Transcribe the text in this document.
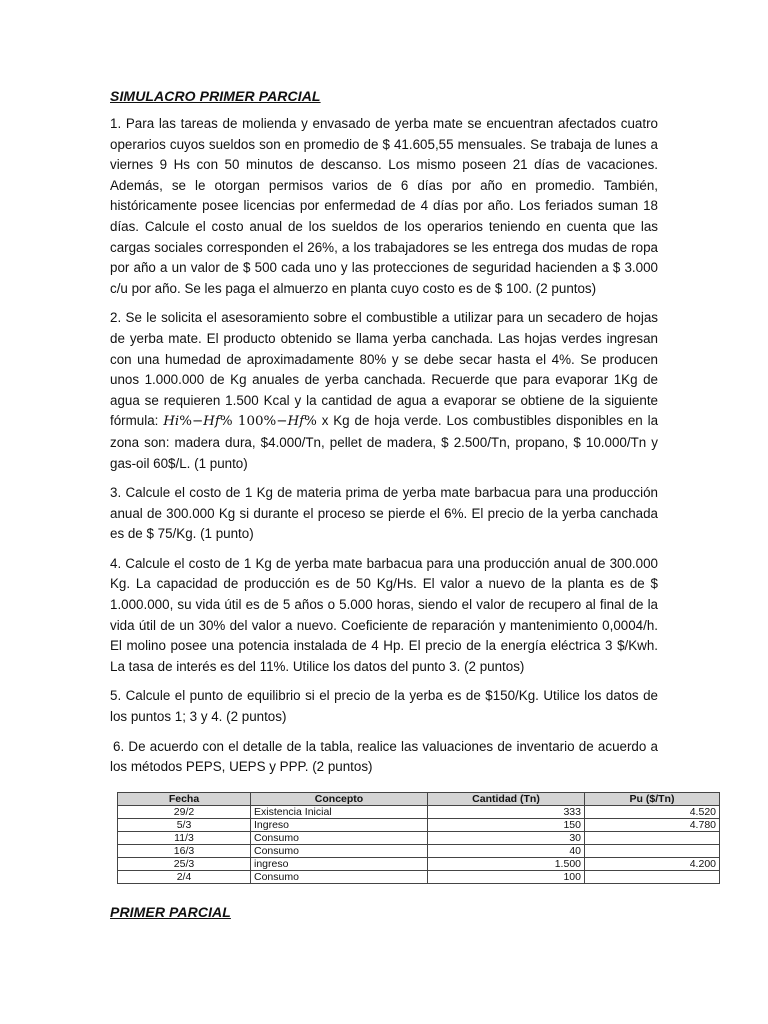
SIMULACRO PRIMER PARCIAL

1. Para las tareas de molienda y envasado de yerba mate se encuentran afectados cuatro operarios cuyos sueldos son en promedio de $ 41.605,55 mensuales. Se trabaja de lunes a viernes 9 Hs con 50 minutos de descanso. Los mismo poseen 21 días de vacaciones. Además, se le otorgan permisos varios de 6 días por año en promedio. También, históricamente posee licencias por enfermedad de 4 días por año. Los feriados suman 18 días. Calcule el costo anual de los sueldos de los operarios teniendo en cuenta que las cargas sociales corresponden el 26%, a los trabajadores se les entrega dos mudas de ropa por año a un valor de $ 500 cada uno y las protecciones de seguridad hacienden a $ 3.000 c/u por año. Se les paga el almuerzo en planta cuyo costo es de $ 100. (2 puntos)

2. Se le solicita el asesoramiento sobre el combustible a utilizar para un secadero de hojas de yerba mate. El producto obtenido se llama yerba canchada. Las hojas verdes ingresan con una humedad de aproximadamente 80% y se debe secar hasta el 4%. Se producen unos 1.000.000 de Kg anuales de yerba canchada. Recuerde que para evaporar 1Kg de agua se requieren 1.500 Kcal y la cantidad de agua a evaporar se obtiene de la siguiente fórmula: Hi%−Hf% 100%−Hf% x Kg de hoja verde. Los combustibles disponibles en la zona son: madera dura, $4.000/Tn, pellet de madera, $ 2.500/Tn, propano, $ 10.000/Tn y gas-oil 60$/L. (1 punto)

3. Calcule el costo de 1 Kg de materia prima de yerba mate barbacua para una producción anual de 300.000 Kg si durante el proceso se pierde el 6%. El precio de la yerba canchada es de $ 75/Kg. (1 punto)

4. Calcule el costo de 1 Kg de yerba mate barbacua para una producción anual de 300.000 Kg. La capacidad de producción es de 50 Kg/Hs. El valor a nuevo de la planta es de $ 1.000.000, su vida útil es de 5 años o 5.000 horas, siendo el valor de recupero al final de la vida útil de un 30% del valor a nuevo. Coeficiente de reparación y mantenimiento 0,0004/h. El molino posee una potencia instalada de 4 Hp. El precio de la energía eléctrica 3 $/Kwh. La tasa de interés es del 11%. Utilice los datos del punto 3. (2 puntos)

5. Calcule el punto de equilibrio si el precio de la yerba es de $150/Kg. Utilice los datos de los puntos 1; 3 y 4. (2 puntos)

6. De acuerdo con el detalle de la tabla, realice las valuaciones de inventario de acuerdo a los métodos PEPS, UEPS y PPP. (2 puntos)

Fecha	Concepto	Cantidad (Tn)	Pu ($/Tn)
29/2	Existencia Inicial	333	4.520
5/3	Ingreso	150	4.780
11/3	Consumo	30	
16/3	Consumo	40	
25/3	ingreso	1.500	4.200
2/4	Consumo	100	

PRIMER PARCIAL
